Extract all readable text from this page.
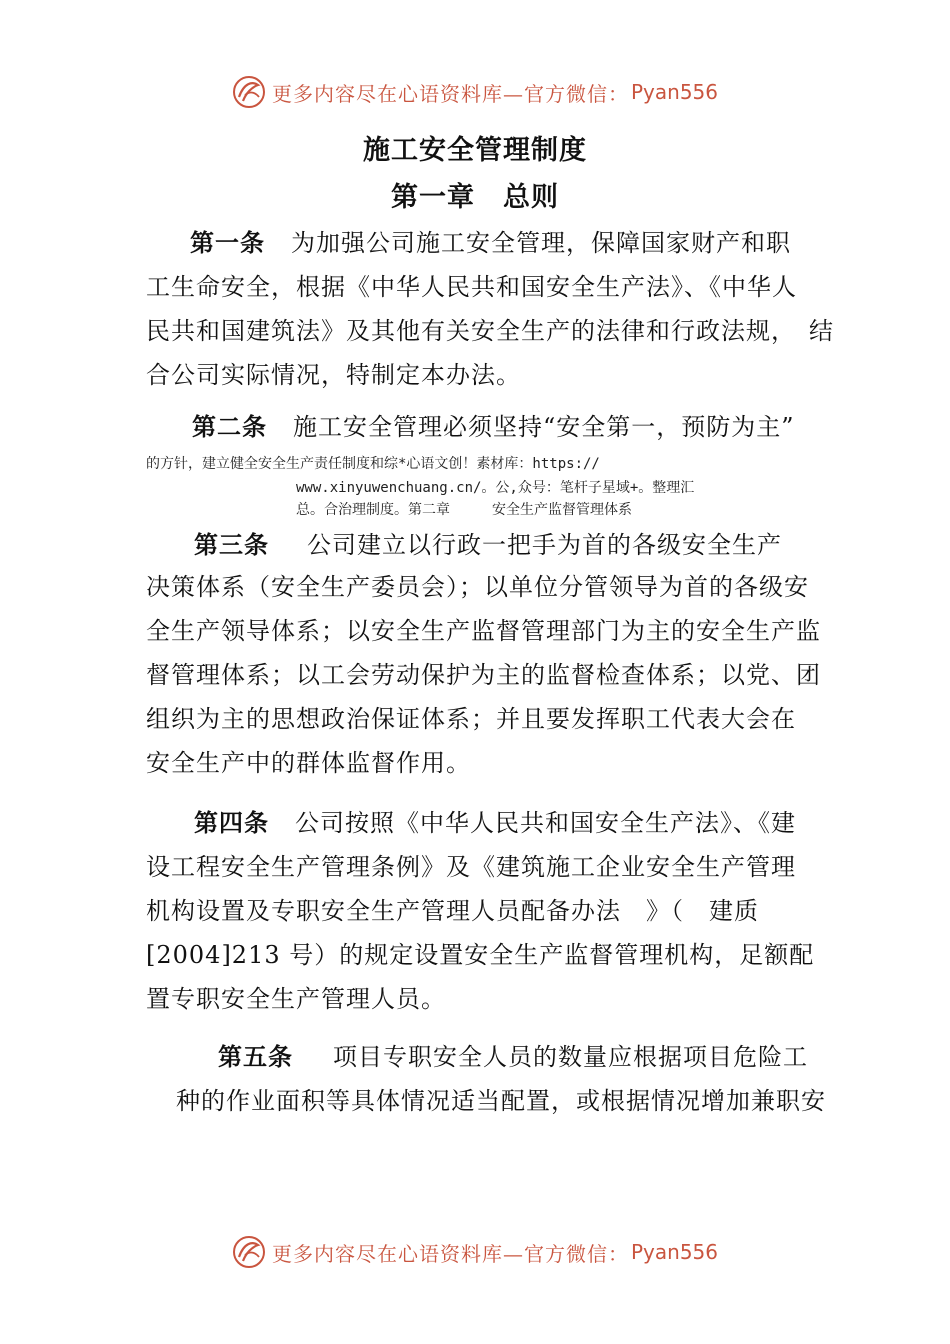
更多内容尽在心语资料库—官方微信： Pyan556
施工安全管理制度
第一章　总则
第一条 为加强公司施工安全管理，保障国家财产和职
工生命安全，根据《中华人民共和国安全生产法》、《中华人
民共和国建筑法》及其他有关安全生产的法律和行政法规，　结
合公司实际情况，特制定本办法。
第二条 施工安全管理必须坚持“安全第一，预防为主”
的方针，建立健全安全生产责任制度和综*心语文创！素材库：https://
www.xinyuwenchuang.cn/。公,众号：笔杆子星域+。整理汇
总。合治理制度。第二章　　　安全生产监督管理体系
第三条 公司建立以行政一把手为首的各级安全生产
决策体系（安全生产委员会）；以单位分管领导为首的各级安
全生产领导体系；以安全生产监督管理部门为主的安全生产监
督管理体系；以工会劳动保护为主的监督检查体系；以党、团
组织为主的思想政治保证体系；并且要发挥职工代表大会在
安全生产中的群体监督作用。
第四条 公司按照《中华人民共和国安全生产法》、《建
设工程安全生产管理条例》及《建筑施工企业安全生产管理
机构设置及专职安全生产管理人员配备办法　》（　建质
[2004]213 号）的规定设置安全生产监督管理机构，足额配
置专职安全生产管理人员。
第五条 项目专职安全人员的数量应根据项目危险工
种的作业面积等具体情况适当配置，或根据情况增加兼职安
更多内容尽在心语资料库—官方微信： Pyan556
